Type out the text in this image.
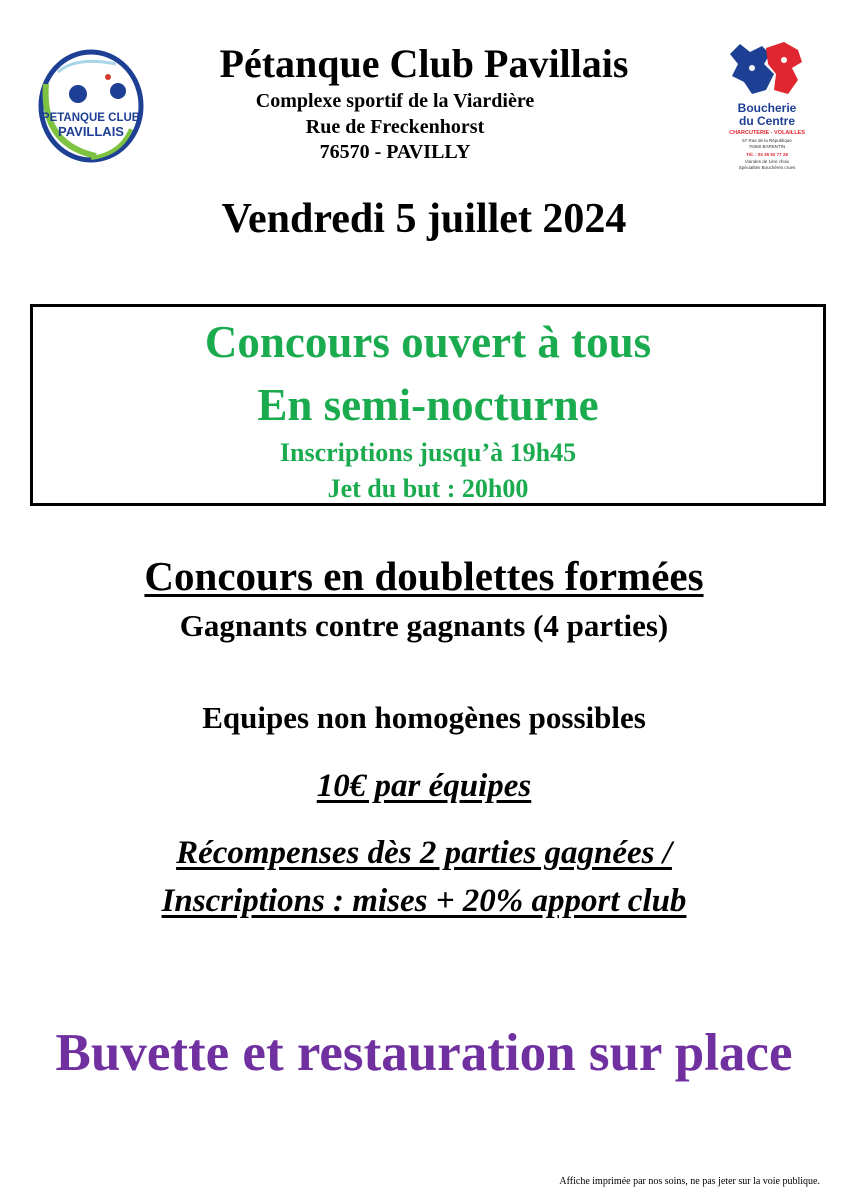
PETANQUE CLUB
PAVILLAIS
Boucherie
du Centre
CHARCUTERIE - VOLAILLES
57 Rue de la République
76360 BARENTIN
Tél. : 02 35 92 77 28
Viandes de 1ère choix
Spécialités Bouchères crues
Pétanque Club Pavillais
Complexe sportif de la Viardière
Rue de Freckenhorst
76570 - PAVILLY
Vendredi 5 juillet 2024
Concours ouvert à tous
En semi-nocturne
Inscriptions jusqu’à 19h45
Jet du but : 20h00
Concours en doublettes formées
Gagnants contre gagnants (4 parties)
Equipes non homogènes possibles
10€ par équipes
Récompenses dès 2 parties gagnées /
Inscriptions : mises + 20% apport club
Buvette et restauration sur place
Affiche imprimée par nos soins, ne pas jeter sur la voie publique.
